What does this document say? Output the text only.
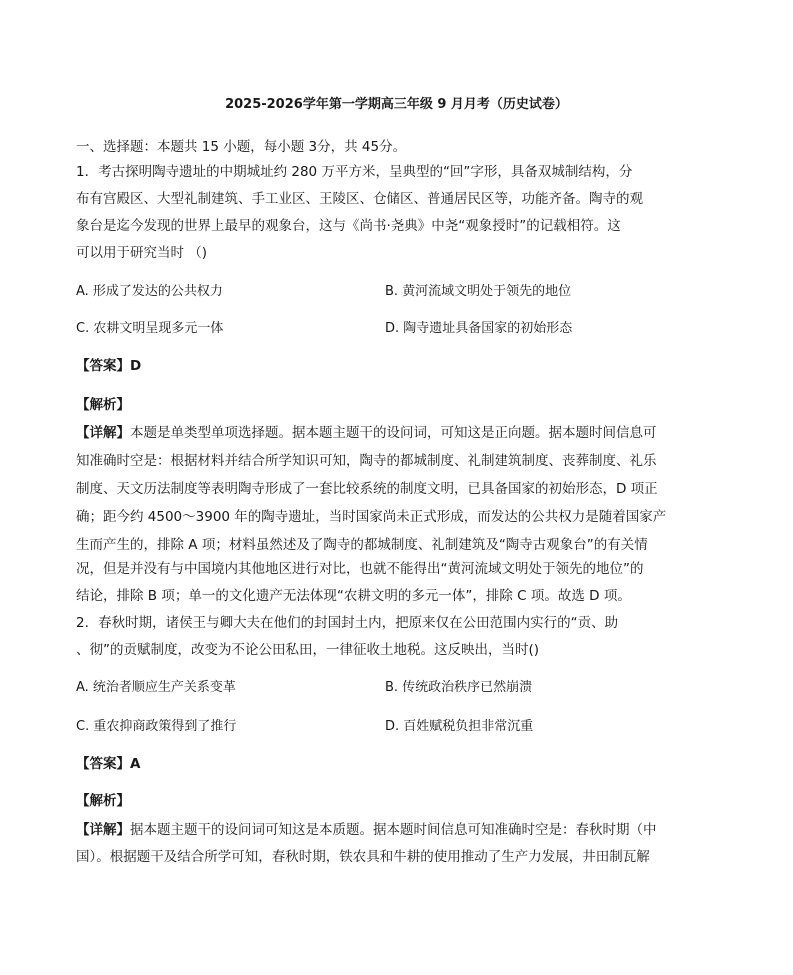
2025-2026学年第一学期高三年级 9 月月考（历史试卷）
一、选择题：本题共 15 小题，每小题 3分，共 45分。
1．考古探明陶寺遗址的中期城址约 280 万平方米，呈典型的“回”字形，具备双城制结构，分
布有宫殿区、大型礼制建筑、手工业区、王陵区、仓储区、普通居民区等，功能齐备。陶寺的观
象台是迄今发现的世界上最早的观象台，这与《尚书·尧典》中尧“观象授时”的记载相符。这
可以用于研究当时 （)
A. 形成了发达的公共权力	B. 黄河流域文明处于领先的地位
C. 农耕文明呈现多元一体	D. 陶寺遗址具备国家的初始形态
【答案】D
【解析】
【详解】本题是单类型单项选择题。据本题主题干的设问词，可知这是正向题。据本题时间信息可
知准确时空是：根据材料并结合所学知识可知，陶寺的都城制度、礼制建筑制度、丧葬制度、礼乐
制度、天文历法制度等表明陶寺形成了一套比较系统的制度文明，已具备国家的初始形态，D 项正
确；距今约 4500～3900 年的陶寺遗址，当时国家尚未正式形成，而发达的公共权力是随着国家产
生而产生的，排除 A 项；材料虽然述及了陶寺的都城制度、礼制建筑及“陶寺古观象台”的有关情
况，但是并没有与中国境内其他地区进行对比，也就不能得出“黄河流域文明处于领先的地位”的
结论，排除 B 项；单一的文化遗产无法体现“农耕文明的多元一体”，排除 C 项。故选 D 项。
2．春秋时期，诸侯王与卿大夫在他们的封国封土内，把原来仅在公田范围内实行的“贡、助
、彻”的贡赋制度，改变为不论公田私田，一律征收土地税。这反映出，当时()
A. 统治者顺应生产关系变革	B. 传统政治秩序已然崩溃
C. 重农抑商政策得到了推行	D. 百姓赋税负担非常沉重
【答案】A
【解析】
【详解】据本题主题干的设问词可知这是本质题。据本题时间信息可知准确时空是：春秋时期（中
国）。根据题干及结合所学可知，春秋时期，铁农具和牛耕的使用推动了生产力发展，井田制瓦解
